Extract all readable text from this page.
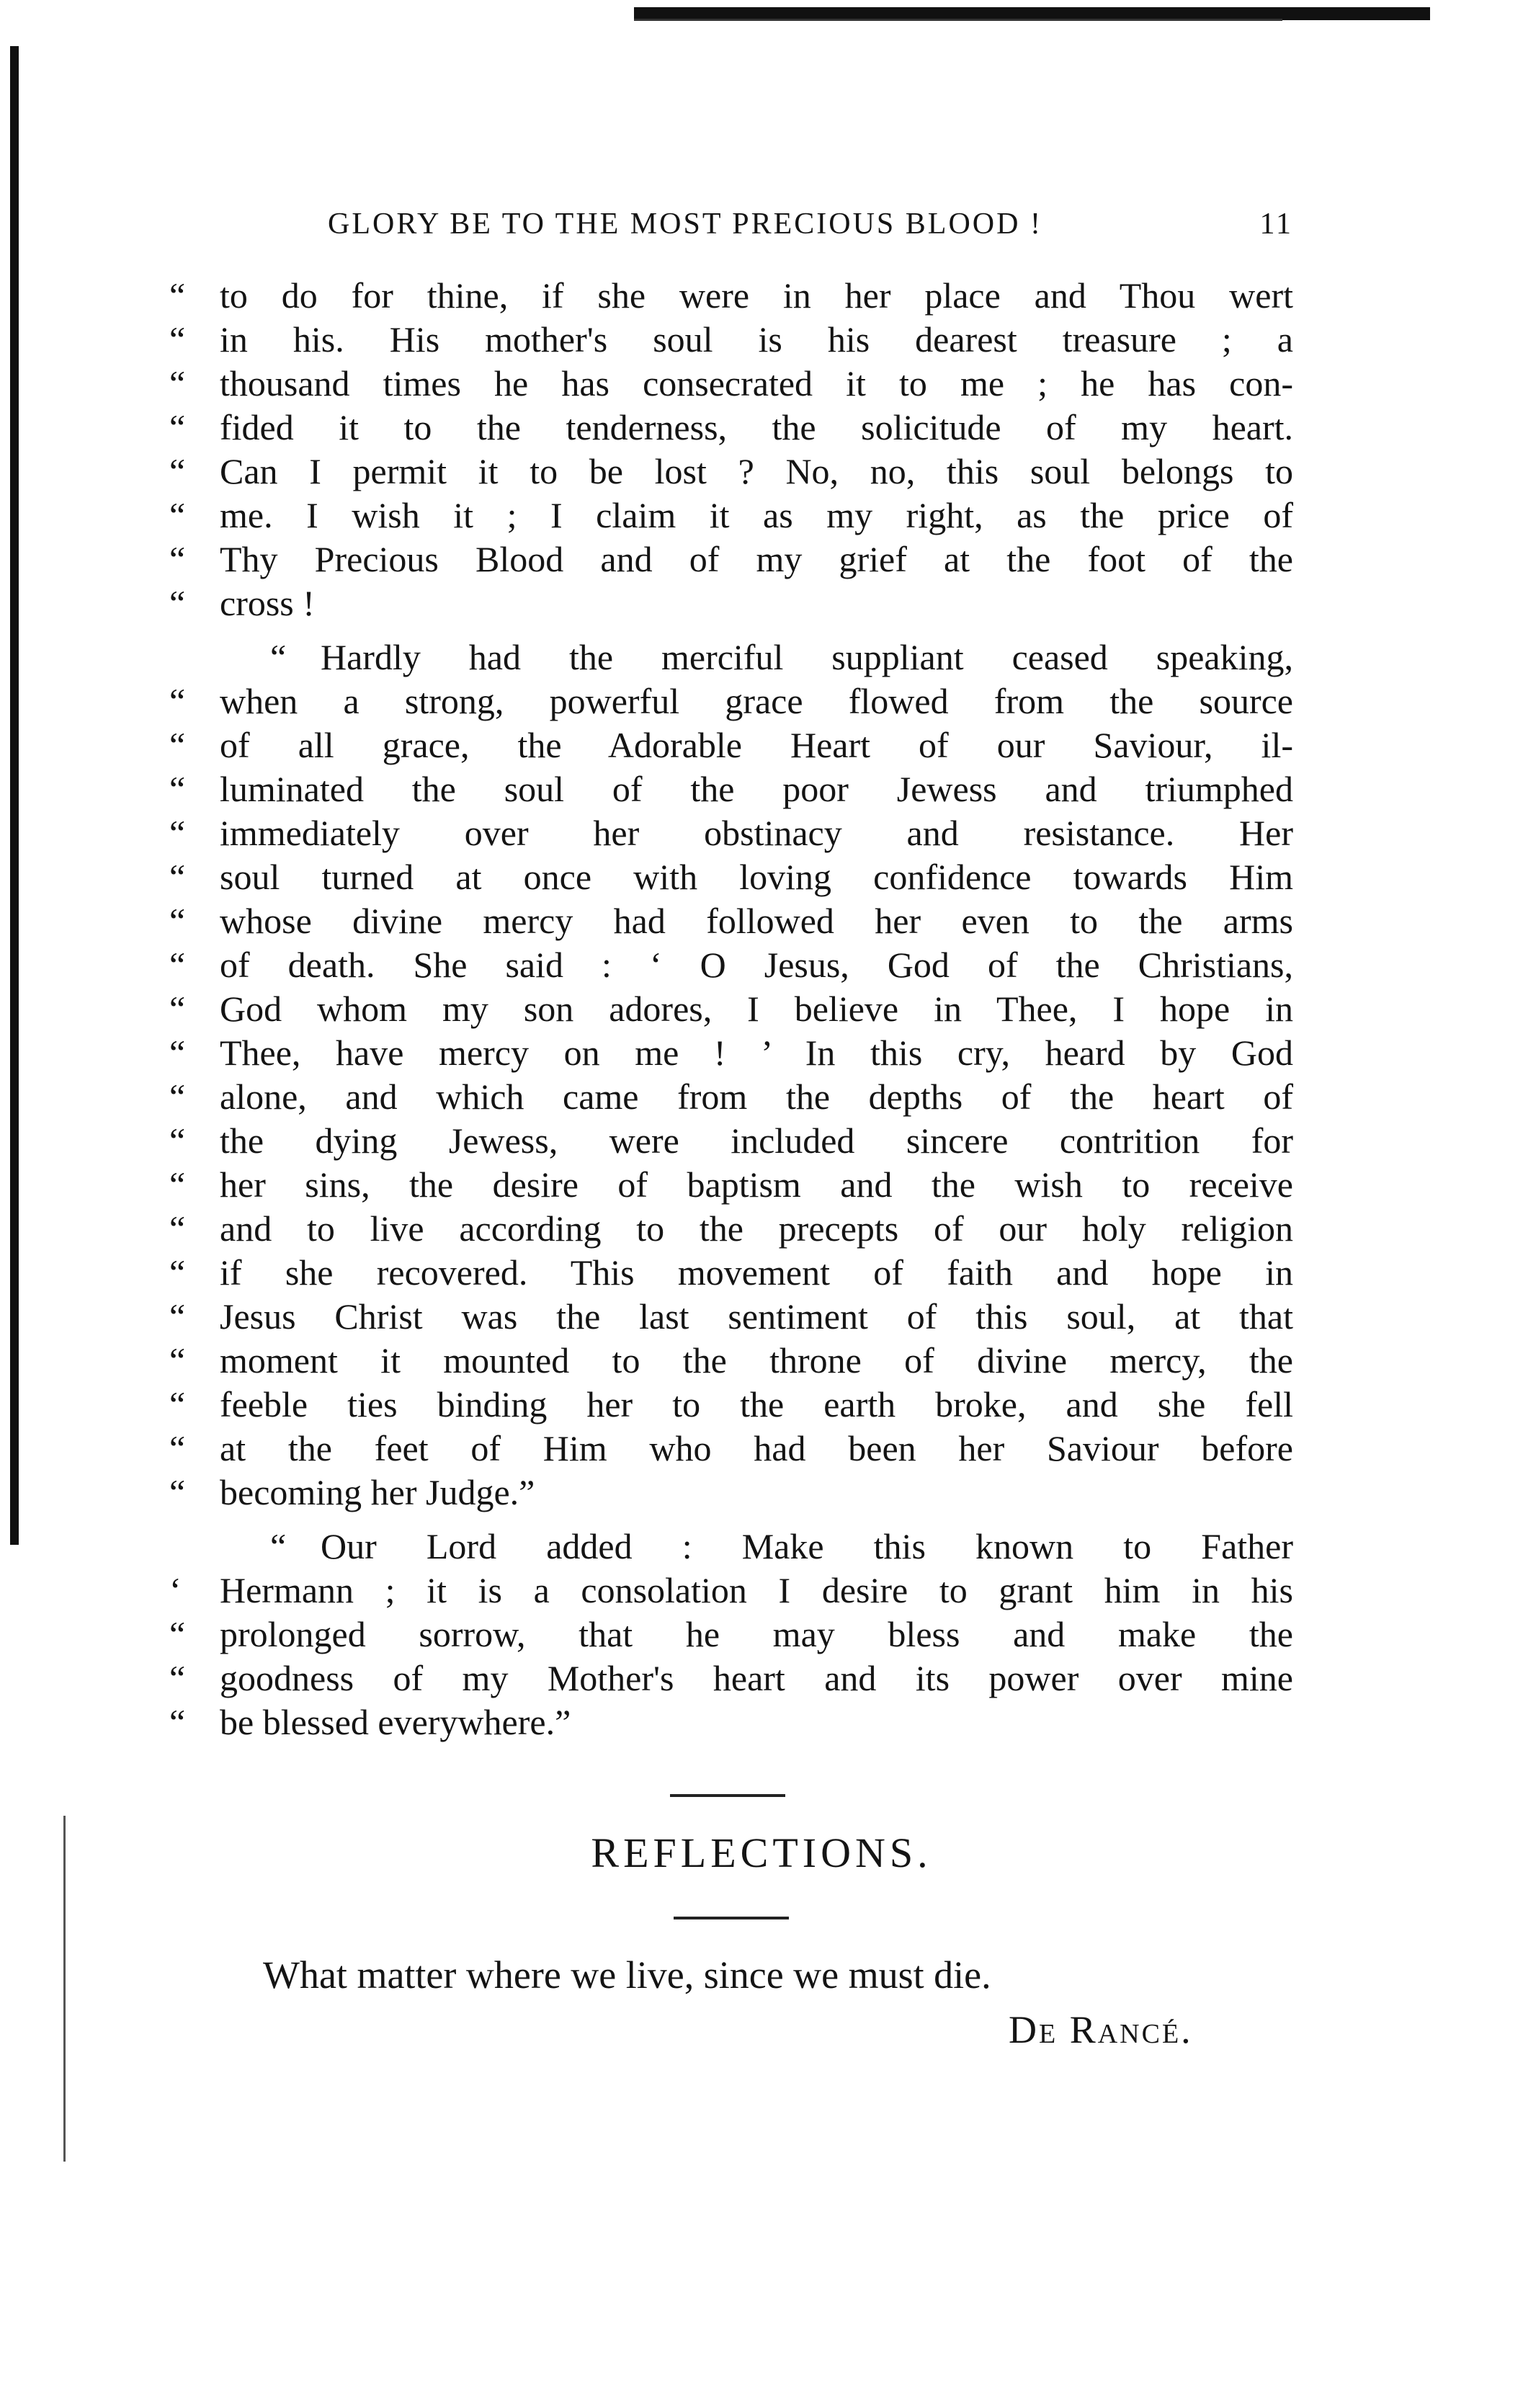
GLORY BE TO THE MOST PRECIOUS BLOOD !	11
“ to do for thine, if she were in her place and Thou wert
“ in his. His mother's soul is his dearest treasure ; a
“ thousand times he has consecrated it to me ; he has con-
“ fided it to the tenderness, the solicitude of my heart.
“ Can I permit it to be lost ? No, no, this soul belongs to
“ me. I wish it ; I claim it as my right, as the price of
“ Thy Precious Blood and of my grief at the foot of the
“ cross !
“ Hardly had the merciful suppliant ceased speaking,
“ when a strong, powerful grace flowed from the source
“ of all grace, the Adorable Heart of our Saviour, il-
“ luminated the soul of the poor Jewess and triumphed
“ immediately over her obstinacy and resistance. Her
“ soul turned at once with loving confidence towards Him
“ whose divine mercy had followed her even to the arms
“ of death. She said : ‘ O Jesus, God of the Christians,
“ God whom my son adores, I believe in Thee, I hope in
“ Thee, have mercy on me ! ’ In this cry, heard by God
“ alone, and which came from the depths of the heart of
“ the dying Jewess, were included sincere contrition for
“ her sins, the desire of baptism and the wish to receive
“ and to live according to the precepts of our holy religion
“ if she recovered. This movement of faith and hope in
“ Jesus Christ was the last sentiment of this soul, at that
“ moment it mounted to the throne of divine mercy, the
“ feeble ties binding her to the earth broke, and she fell
“ at the feet of Him who had been her Saviour before
“ becoming her Judge.”
“ Our Lord added : Make this known to Father
‘ Hermann ; it is a consolation I desire to grant him in his
“ prolonged sorrow, that he may bless and make the
“ goodness of my Mother's heart and its power over mine
“ be blessed everywhere.”
REFLECTIONS.
What matter where we live, since we must die.
De Rancé.
